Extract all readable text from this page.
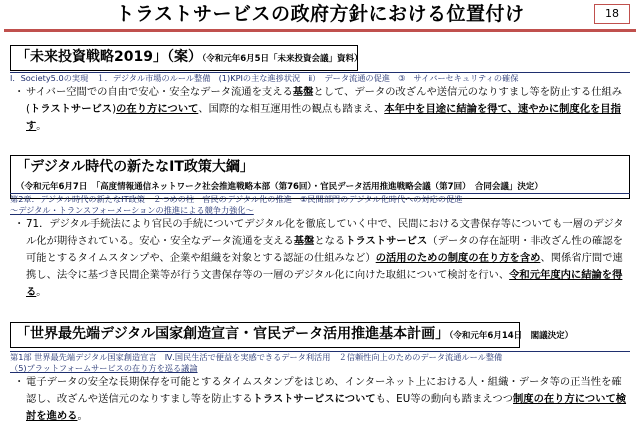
トラストサービスの政府方針における位置付け	18
「未来投資戦略2019」（案）（令和元年6月5日「未来投資会議」資料）
Ⅰ．Society5.0の実現　１．デジタル市場のルール整備　(1)KPIの主な進捗状況　ⅱ）　データ流通の促進　③　サイバーセキュリティの確保
・ サイバー空間での自由で安心・安全なデータ流通を支える基盤として、データの改ざんや送信元のなりすまし等を防止する仕組み(トラストサービス)の在り方について、国際的な相互運用性の観点も踏まえ、本年中を目途に結論を得て、速やかに制度化を目指す。
「デジタル時代の新たなIT政策大綱」
（令和元年6月7日　「高度情報通信ネットワーク社会推進戦略本部（第76回）・官民データ活用推進戦略会議（第7回）　合同会議」決定）
第2章．デジタル時代の新たなIT政策　２つめの柱　官民のデジタル化の推進　②民間部門のデジタル化時代への対応の促進
～デジタル・トランスフォーメーションの推進による競争力強化～
・ 71．デジタル手続法により官民の手続についてデジタル化を徹底していく中で、民間における文書保存等についても一層のデジタル化が期待されている。安心・安全なデータ流通を支える基盤となるトラストサービス（データの存在証明・非改ざん性の確認を可能とするタイムスタンプや、企業や組織を対象とする認証の仕組みなど）の活用のための制度の在り方を含め、関係省庁間で連携し、法令に基づき民間企業等が行う文書保存等の一層のデジタル化に向けた取組について検討を行い、令和元年度内に結論を得る。
「世界最先端デジタル国家創造宣言・官民データ活用推進基本計画」（令和元年6月14日　閣議決定）
第1部 世界最先端デジタル国家創造宣言　Ⅳ.国民生活で便益を実感できるデータ利活用　２信頼性向上のためのデータ流通ルール整備
（5)プラットフォームサービスの在り方を巡る議論
・ 電子データの安全な長期保存を可能とするタイムスタンプをはじめ、インターネット上における人・組織・データ等の正当性を確認し、改ざんや送信元のなりすまし等を防止するトラストサービスについても、EU等の動向も踏まえつつ制度の在り方について検討を進める。
